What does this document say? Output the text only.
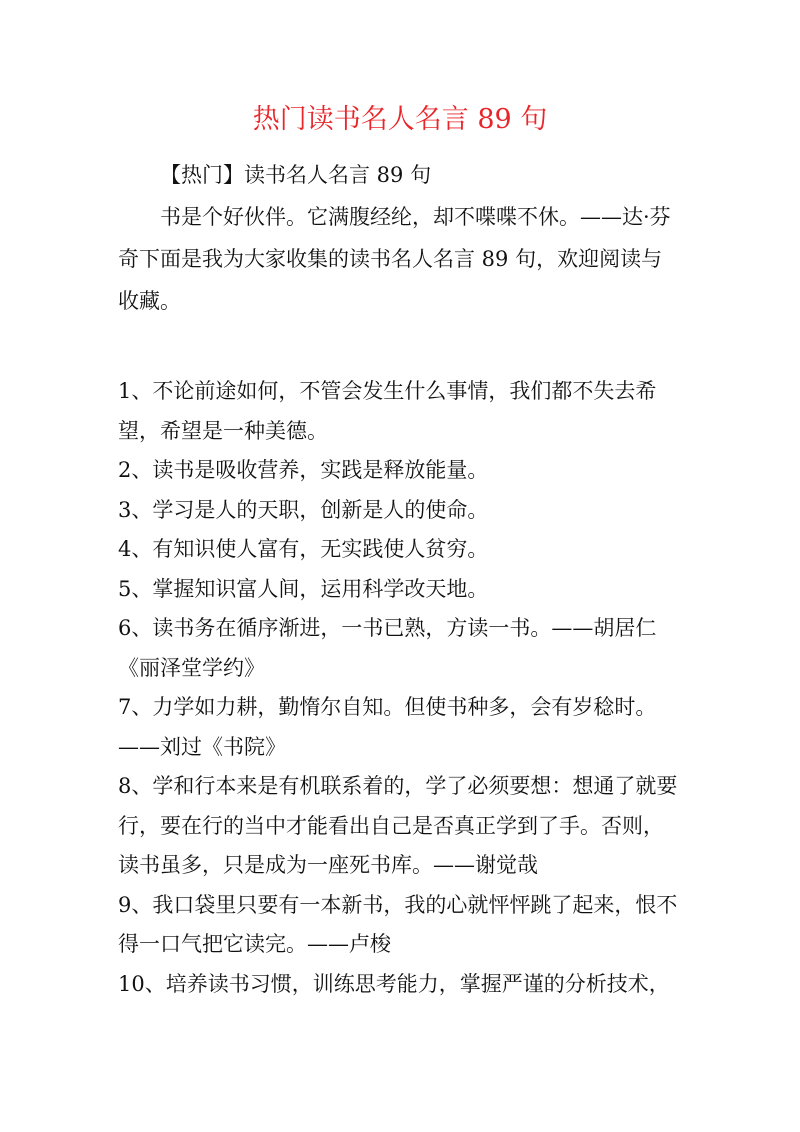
热门读书名人名言 89 句

【热门】读书名人名言 89 句

书是个好伙伴。它满腹经纶，却不喋喋不休。——达·芬奇下面是我为大家收集的读书名人名言 89 句，欢迎阅读与收藏。

1、不论前途如何，不管会发生什么事情，我们都不失去希望，希望是一种美德。

2、读书是吸收营养，实践是释放能量。

3、学习是人的天职，创新是人的使命。

4、有知识使人富有，无实践使人贫穷。

5、掌握知识富人间，运用科学改天地。

6、读书务在循序渐进，一书已熟，方读一书。——胡居仁《丽泽堂学约》

7、力学如力耕，勤惰尔自知。但使书种多，会有岁稔时。——刘过《书院》

8、学和行本来是有机联系着的，学了必须要想：想通了就要行，要在行的当中才能看出自己是否真正学到了手。否则，读书虽多，只是成为一座死书库。——谢觉哉

9、我口袋里只要有一本新书，我的心就怦怦跳了起来，恨不得一口气把它读完。——卢梭

10、培养读书习惯，训练思考能力，掌握严谨的分析技术，
